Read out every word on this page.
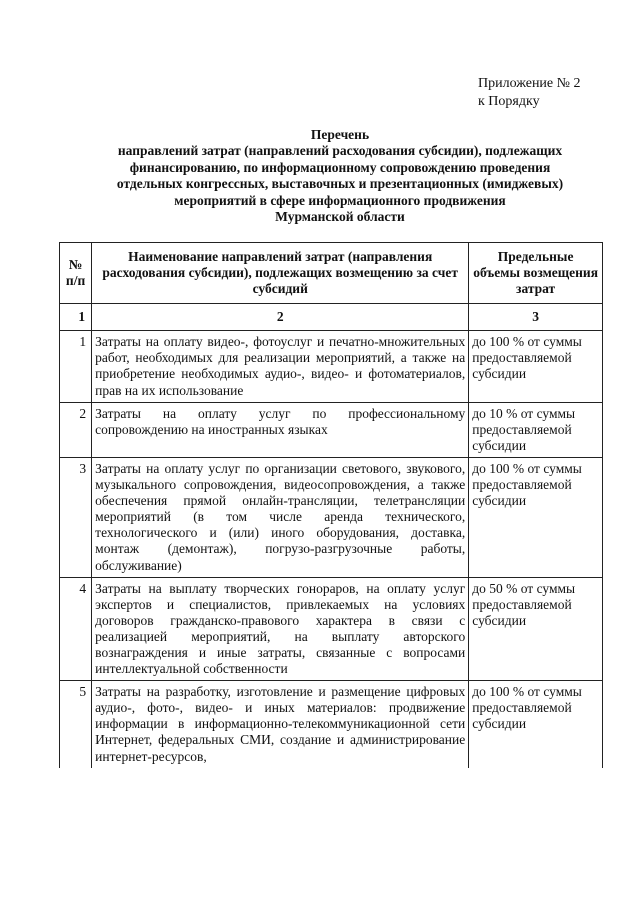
Приложение № 2
к Порядку
Перечень
направлений затрат (направлений расходования субсидии), подлежащих
финансированию, по информационному сопровождению проведения
отдельных конгрессных, выставочных и презентационных (имиджевых)
мероприятий в сфере информационного продвижения
Мурманской области
№ п/п	Наименование направлений затрат (направления расходования субсидии), подлежащих возмещению за счет субсидий	Предельные объемы возмещения затрат
1	2	3
1	Затраты на оплату видео-, фотоуслуг и печатно-множительных работ, необходимых для реализации мероприятий, а также на приобретение необходимых аудио-, видео- и фотоматериалов, прав на их использование	до 100 % от суммы предоставляемой субсидии
2	Затраты на оплату услуг по профессиональному сопровождению на иностранных языках	до 10 % от суммы предоставляемой субсидии
3	Затраты на оплату услуг по организации светового, звукового, музыкального сопровождения, видеосопровождения, а также обеспечения прямой онлайн-трансляции, телетрансляции мероприятий (в том числе аренда технического, технологического и (или) иного оборудования, доставка, монтаж (демонтаж), погрузо-разгрузочные работы, обслуживание)	до 100 % от суммы предоставляемой субсидии
4	Затраты на выплату творческих гонораров, на оплату услуг экспертов и специалистов, привлекаемых на условиях договоров гражданско-правового характера в связи с реализацией мероприятий, на выплату авторского вознаграждения и иные затраты, связанные с вопросами интеллектуальной собственности	до 50 % от суммы предоставляемой субсидии
5	Затраты на разработку, изготовление и размещение цифровых аудио-, фото-, видео- и иных материалов: продвижение информации в информационно-телекоммуникационной сети Интернет, федеральных СМИ, создание и администрирование интернет-ресурсов,	до 100 % от суммы предоставляемой субсидии
